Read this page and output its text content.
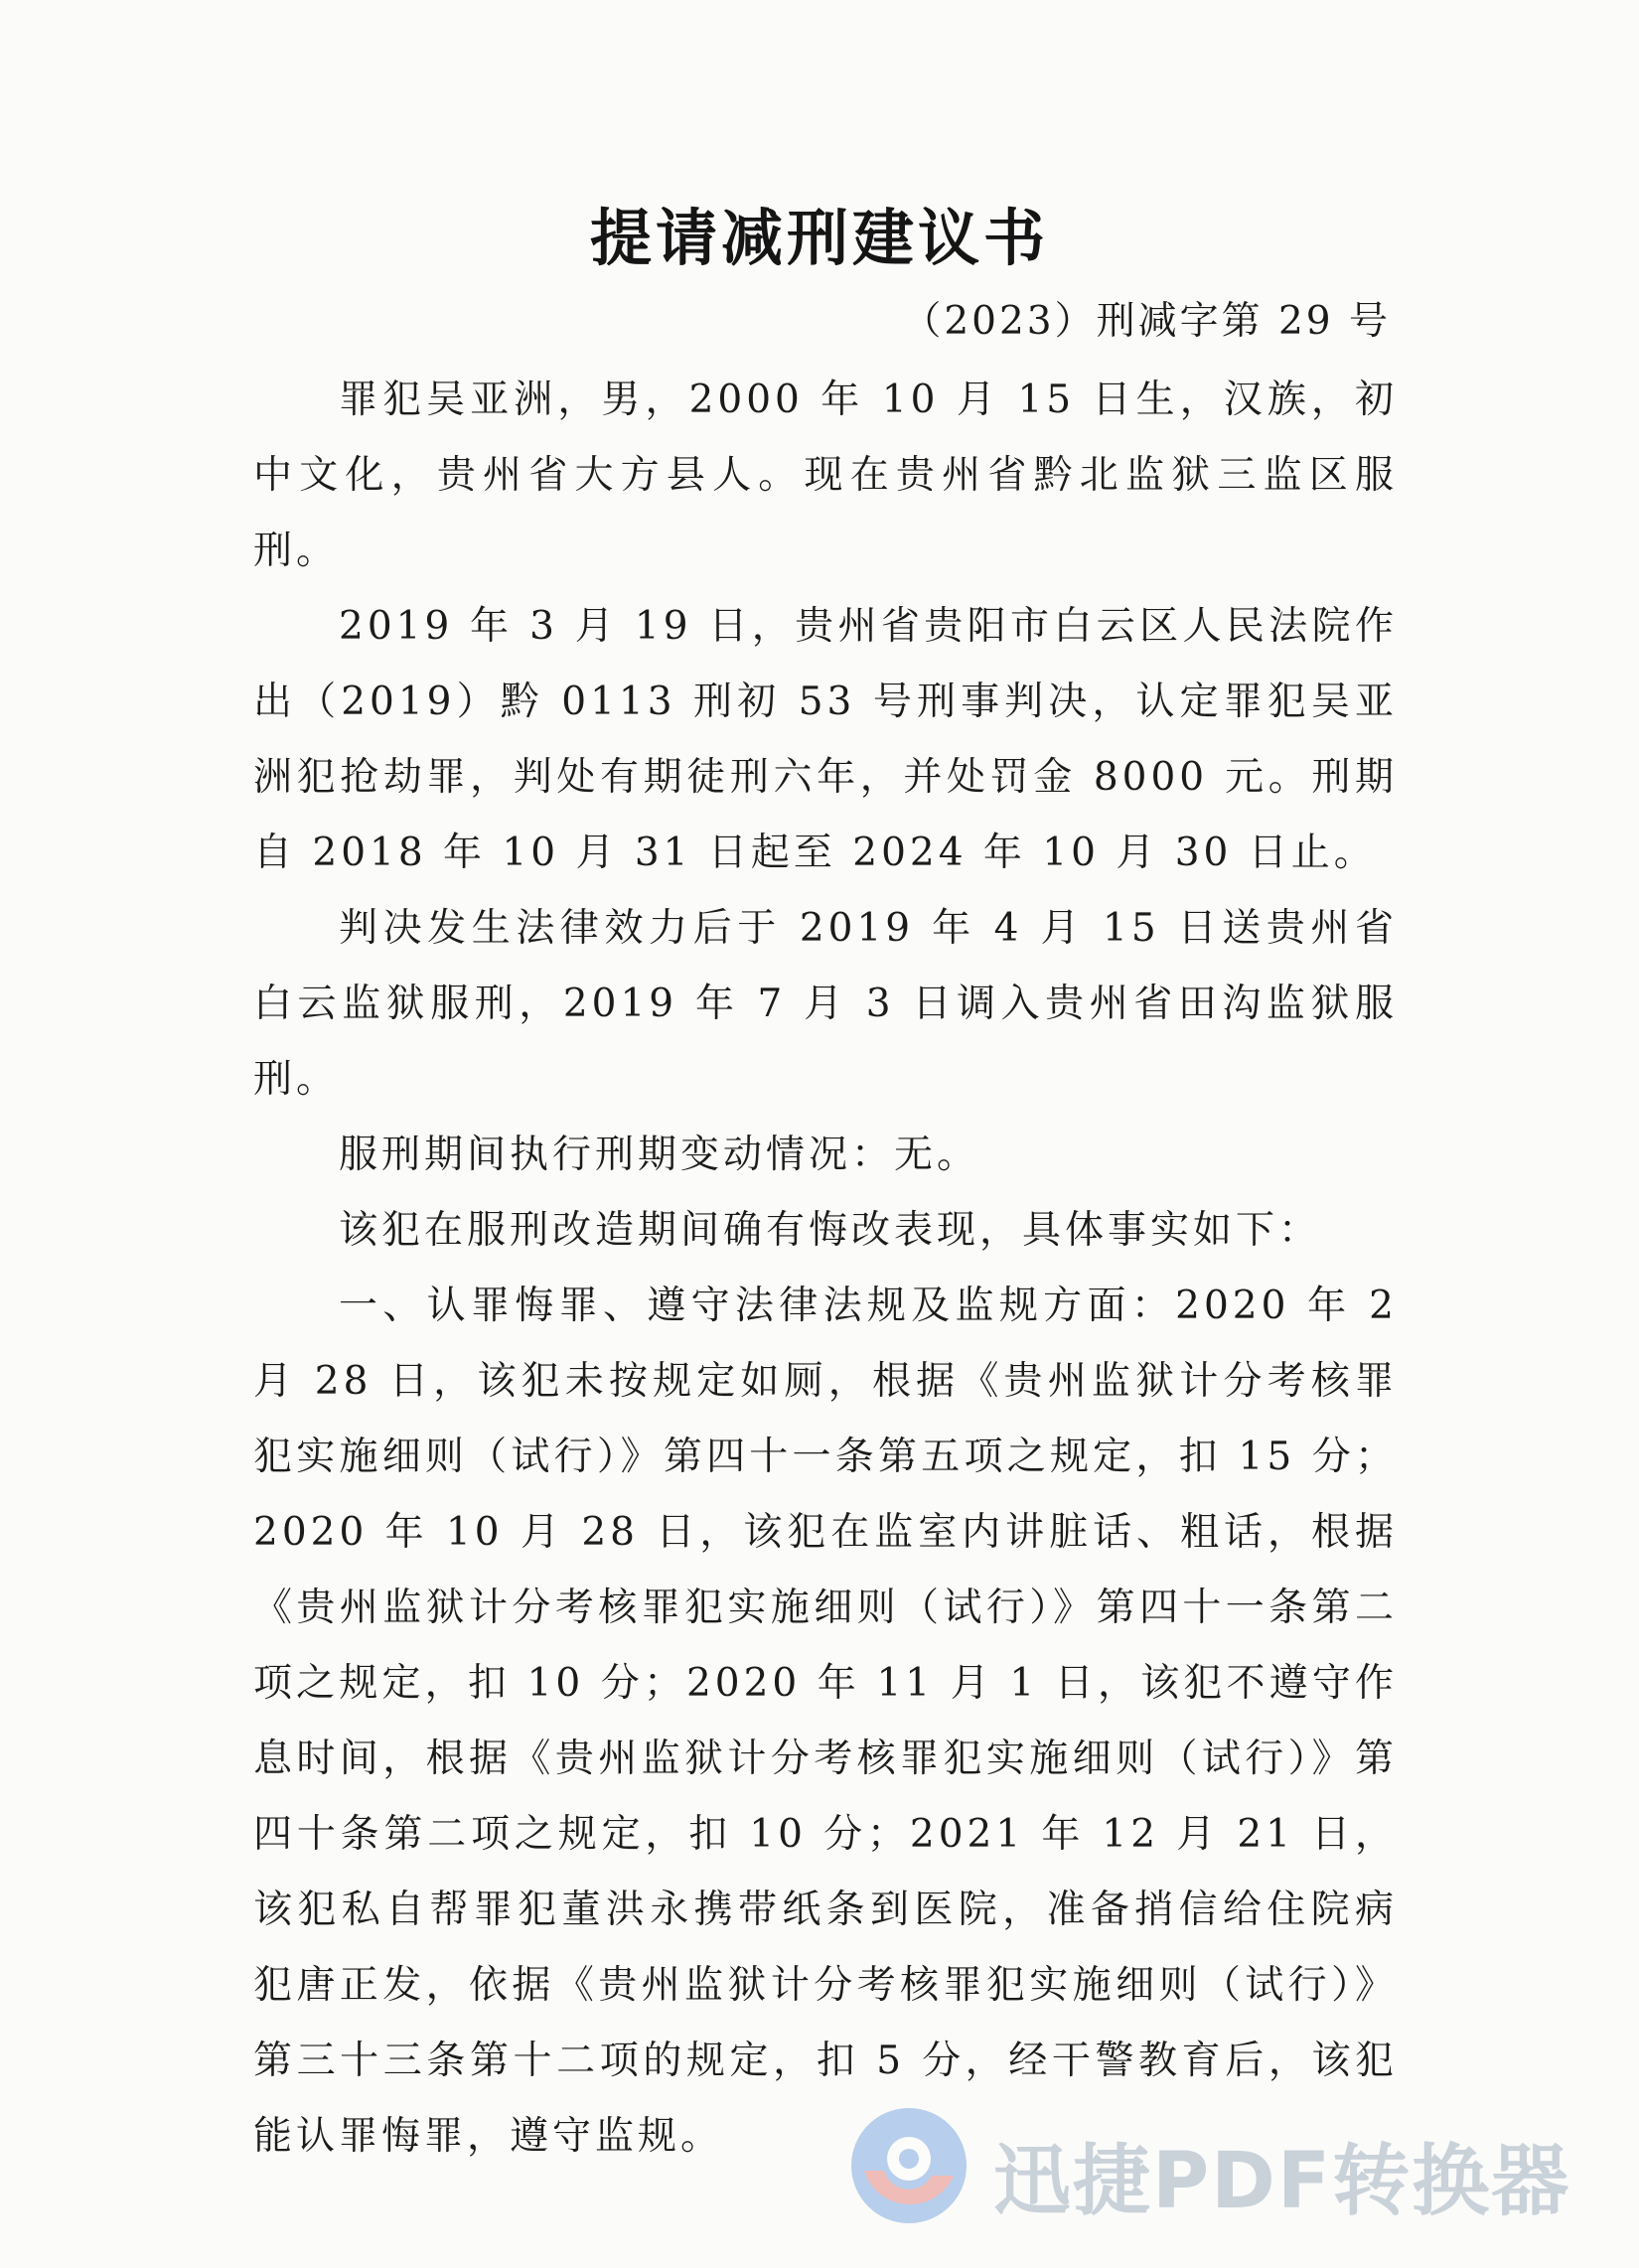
提请减刑建议书
（2023）刑减字第 29 号

罪犯吴亚洲，男，2000 年 10 月 15 日生，汉族，初中文化，贵州省大方县人。现在贵州省黔北监狱三监区服刑。

2019 年 3 月 19 日，贵州省贵阳市白云区人民法院作出（2019）黔 0113 刑初 53 号刑事判决，认定罪犯吴亚洲犯抢劫罪，判处有期徒刑六年，并处罚金 8000 元。刑期自 2018 年 10 月 31 日起至 2024 年 10 月 30 日止。

判决发生法律效力后于 2019 年 4 月 15 日送贵州省白云监狱服刑，2019 年 7 月 3 日调入贵州省田沟监狱服刑。

服刑期间执行刑期变动情况：无。

该犯在服刑改造期间确有悔改表现，具体事实如下：

一、认罪悔罪、遵守法律法规及监规方面：2020 年 2 月 28 日，该犯未按规定如厕，根据《贵州监狱计分考核罪犯实施细则（试行）》第四十一条第五项之规定，扣 15 分；2020 年 10 月 28 日，该犯在监室内讲脏话、粗话，根据《贵州监狱计分考核罪犯实施细则（试行）》第四十一条第二项之规定，扣 10 分；2020 年 11 月 1 日，该犯不遵守作息时间，根据《贵州监狱计分考核罪犯实施细则（试行）》第四十条第二项之规定，扣 10 分；2021 年 12 月 21 日，该犯私自帮罪犯董洪永携带纸条到医院，准备捎信给住院病犯唐正发，依据《贵州监狱计分考核罪犯实施细则（试行）》第三十三条第十二项的规定，扣 5 分，经干警教育后，该犯能认罪悔罪，遵守监规。

迅捷PDF转换器
